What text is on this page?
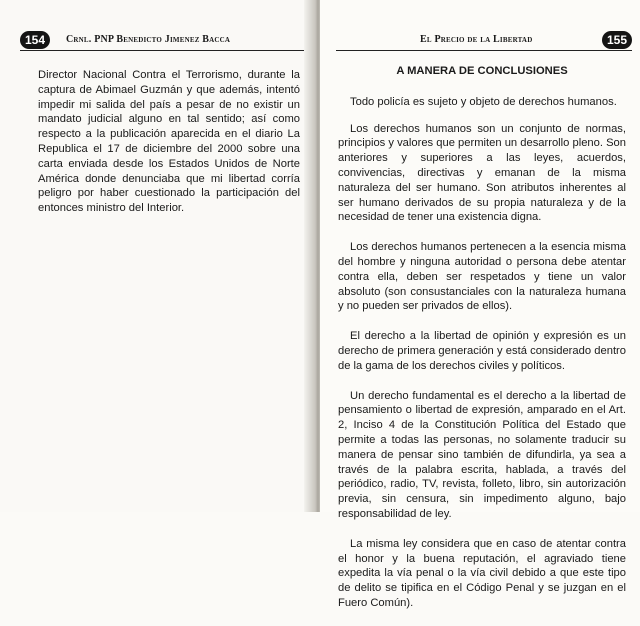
154	Crnl. PNP Benedicto Jimenez Bacca

Director Nacional Contra el Terrorismo, durante la captura de Abimael Guzmán y que además, intentó impedir mi salida del país a pesar de no existir un mandato judicial alguno en tal sentido; así como respecto a la publicación aparecida en el diario La Republica el 17 de diciembre del 2000 sobre una carta enviada desde los Estados Unidos de Norte América donde denunciaba que mi libertad corría peligro por haber cuestionado la participación del entonces ministro del Interior.

El Precio de la Libertad	155
A MANERA DE CONCLUSIONES

Todo policía es sujeto y objeto de derechos humanos.

Los derechos humanos son un conjunto de normas, principios y valores que permiten un desarrollo pleno. Son anteriores y superiores a las leyes, acuerdos, convivencias, directivas y emanan de la misma naturaleza del ser humano. Son atributos inherentes al ser humano derivados de su propia naturaleza y de la necesidad de tener una existencia digna.

Los derechos humanos pertenecen a la esencia misma del hombre y ninguna autoridad o persona debe atentar contra ella, deben ser respetados y tiene un valor absoluto (son consustanciales con la naturaleza humana y no pueden ser privados de ellos).

El derecho a la libertad de opinión y expresión es un derecho de primera generación y está considerado dentro de la gama de los derechos civiles y políticos.

Un derecho fundamental es el derecho a la libertad de pensamiento o libertad de expresión, amparado en el Art. 2, Inciso 4 de la Constitución Política del Estado que permite a todas las personas, no solamente traducir su manera de pensar sino también de difundirla, ya sea a través de la palabra escrita, hablada, a través del periódico, radio, TV, revista, folleto, libro, sin autorización previa, sin censura, sin impedimento alguno, bajo responsabilidad de ley.

La misma ley considera que en caso de atentar contra el honor y la buena reputación, el agraviado tiene expedita la vía penal o la vía civil debido a que este tipo de delito se tipifica en el Código Penal y se juzgan en el Fuero Común).
